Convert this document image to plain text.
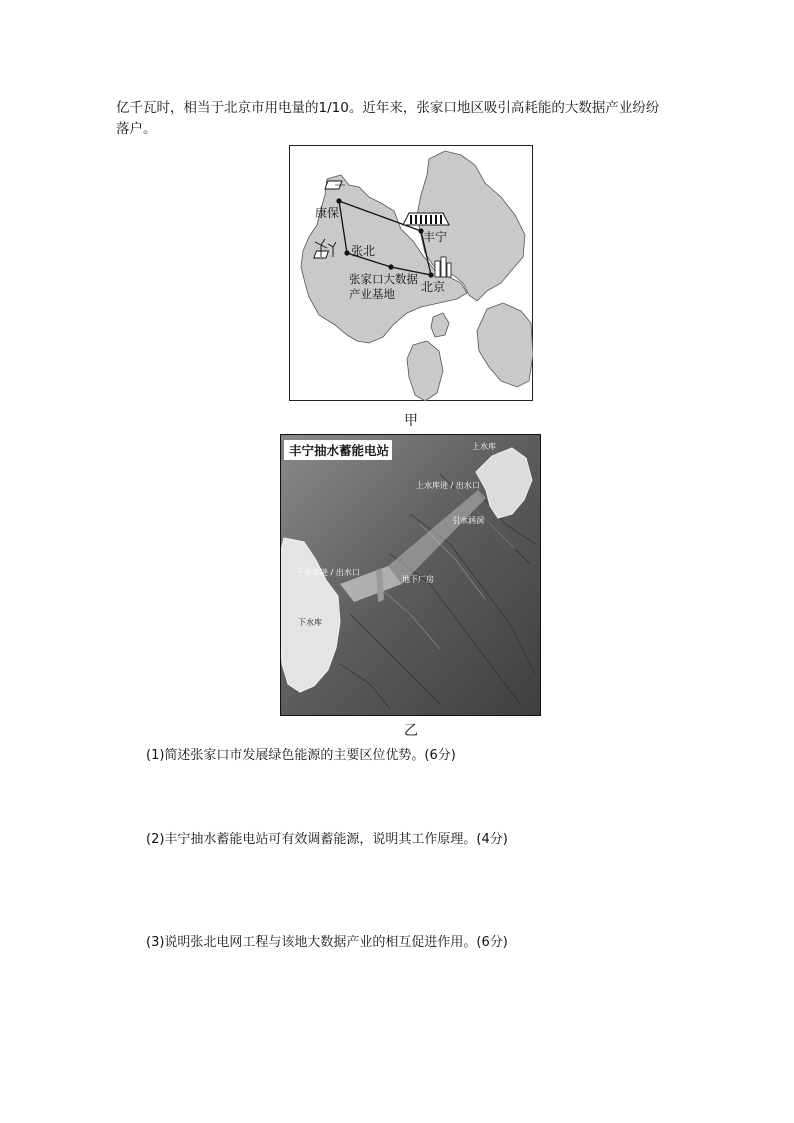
亿千瓦时，相当于北京市用电量的1/10。近年来，张家口地区吸引高耗能的大数据产业纷纷
落户。
康保
张北
丰宁
北京
张家口大数据
产业基地
甲
丰宁抽水蓄能电站	上水库
上水库进 / 出水口
引水涵洞
下水库进 / 出水口
地下厂房
下水库
乙
(1)简述张家口市发展绿色能源的主要区位优势。(6分)
(2)丰宁抽水蓄能电站可有效调蓄能源，说明其工作原理。(4分)
(3)说明张北电网工程与该地大数据产业的相互促进作用。(6分)
